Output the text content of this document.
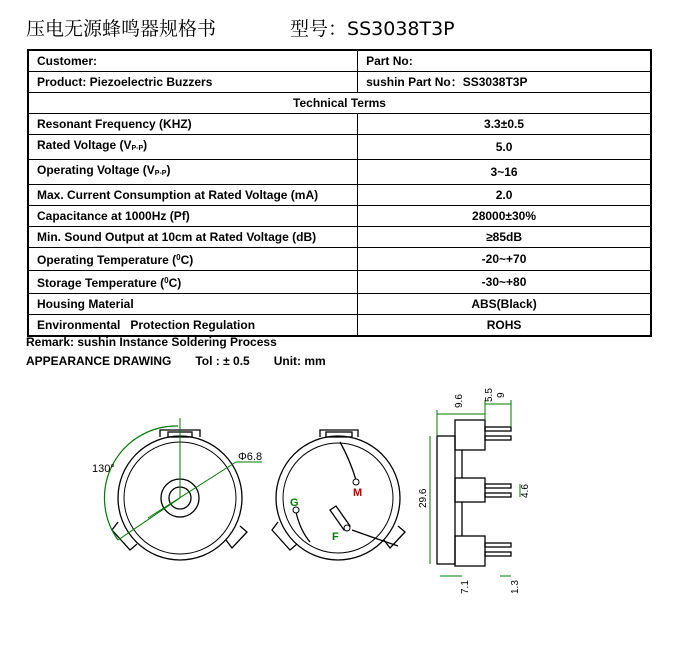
压电无源蜂鸣器规格书	型号：SS3038T3P
Customer:	Part No:
Product: Piezoelectric Buzzers	sushin Part No：SS3038T3P
Technical Terms	
Resonant Frequency (KHZ)	3.3±0.5
Rated Voltage (VP-P)	5.0
Operating Voltage (VP-P)	3~16
Max. Current Consumption at Rated Voltage (mA)	2.0
Capacitance at 1000Hz (Pf)	28000±30%
Min. Sound Output at 10cm at Rated Voltage (dB)	≥85dB
Operating Temperature ($^0$C)	-20~+70
Storage Temperature ($^0$C)	-30~+80
Housing Material	ABS(Black)
Environmental   Protection Regulation	ROHS
Remark: sushin Instance Soldering Process
APPEARANCE DRAWING Tol : ± 0.5 Unit: mm
130°
Φ6.8
M
G
F
9.6 5.5 9
29.6	4.6
7.1	1.3
